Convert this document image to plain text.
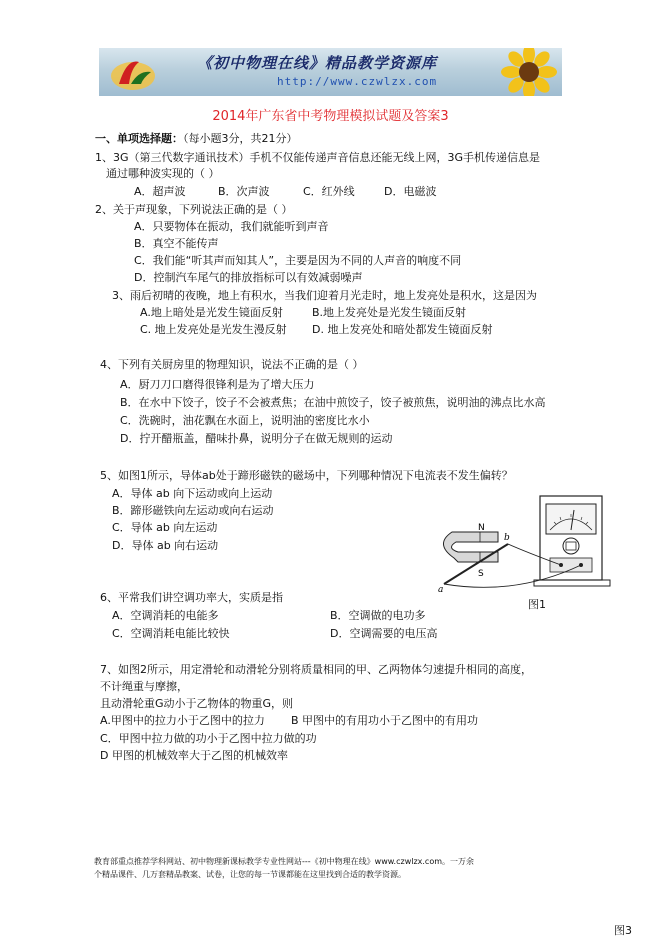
《初中物理在线》精品教学资源库
http://www.czwlzx.com
2014年广东省中考物理模拟试题及答案3
一、单项选择题：（每小题3分，共21分）
1、3G（第三代数字通讯技术）手机不仅能传递声音信息还能无线上网，3G手机传递信息是
通过哪种波实现的（ ）
A．超声波	B．次声波	C．红外线	D．电磁波
2、关于声现象，下列说法正确的是（ ）
A．只要物体在振动，我们就能听到声音
B．真空不能传声
C．我们能“听其声而知其人”，主要是因为不同的人声音的响度不同
D．控制汽车尾气的排放指标可以有效减弱噪声
3、雨后初晴的夜晚，地上有积水，当我们迎着月光走时，地上发亮处是积水，这是因为
A.地上暗处是光发生镜面反射	B.地上发亮处是光发生镜面反射
C. 地上发亮处是光发生漫反射 D. 地上发亮处和暗处都发生镜面反射
4、下列有关厨房里的物理知识，说法不正确的是（ ）
A．厨刀刀口磨得很锋利是为了增大压力
B．在水中下饺子，饺子不会被煮焦；在油中煎饺子，饺子被煎焦，说明油的沸点比水高
C．洗碗时，油花飘在水面上，说明油的密度比水小
D．拧开醋瓶盖，醋味扑鼻，说明分子在做无规则的运动
5、如图1所示，导体ab处于蹄形磁铁的磁场中，下列哪种情况下电流表不发生偏转？
A．导体 ab 向下运动或向上运动
B．蹄形磁铁向左运动或向右运动
C．导体 ab 向左运动
D．导体 ab 向右运动
N
S
b
a
图1
6、平常我们讲空调功率大，实质是指
A．空调消耗的电能多	B．空调做的电功多
C．空调消耗电能比较快	D．空调需要的电压高
7、如图2所示，用定滑轮和动滑轮分别将质量相同的甲、乙两物体匀速提升相同的高度，
不计绳重与摩擦，
且动滑轮重G动小于乙物体的物重G，则
A.甲图中的拉力小于乙图中的拉力 B 甲图中的有用功小于乙图中的有用功
C．甲图中拉力做的功小于乙图中拉力做的功
D 甲图的机械效率大于乙图的机械效率
教育部重点推荐学科网站、初中物理新课标教学专业性网站---《初中物理在线》www.czwlzx.com。一万余
个精品课件、几万套精品教案、试卷，让您的每一节课都能在这里找到合适的教学资源。
图3
